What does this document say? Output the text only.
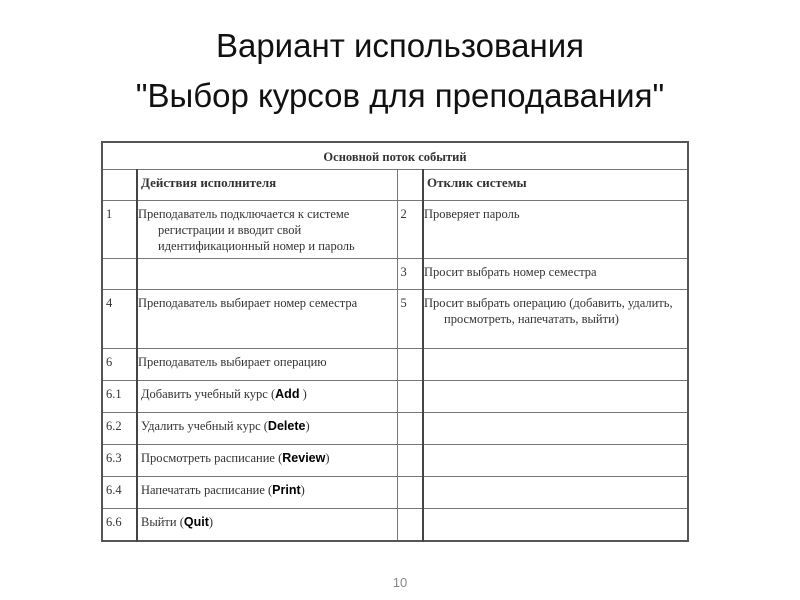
Вариант использования
"Выбор курсов для преподавания"
Основной поток событий			
	Действия исполнителя		Отклик системы
1	Преподаватель подключается к системе регистрации и вводит свой идентификационный номер и пароль	2	Проверяет пароль
		3	Просит выбрать номер семестра
4	Преподаватель выбирает номер семестра	5	Просит выбрать операцию (добавить, удалить, просмотреть, напечатать, выйти)
6	Преподаватель выбирает операцию		
6.1	Добавить учебный курс (Add )		
6.2	Удалить учебный курс (Delete)		
6.3	Просмотреть расписание (Review)		
6.4	Напечатать расписание (Print)		
6.6	Выйти (Quit)		
10
